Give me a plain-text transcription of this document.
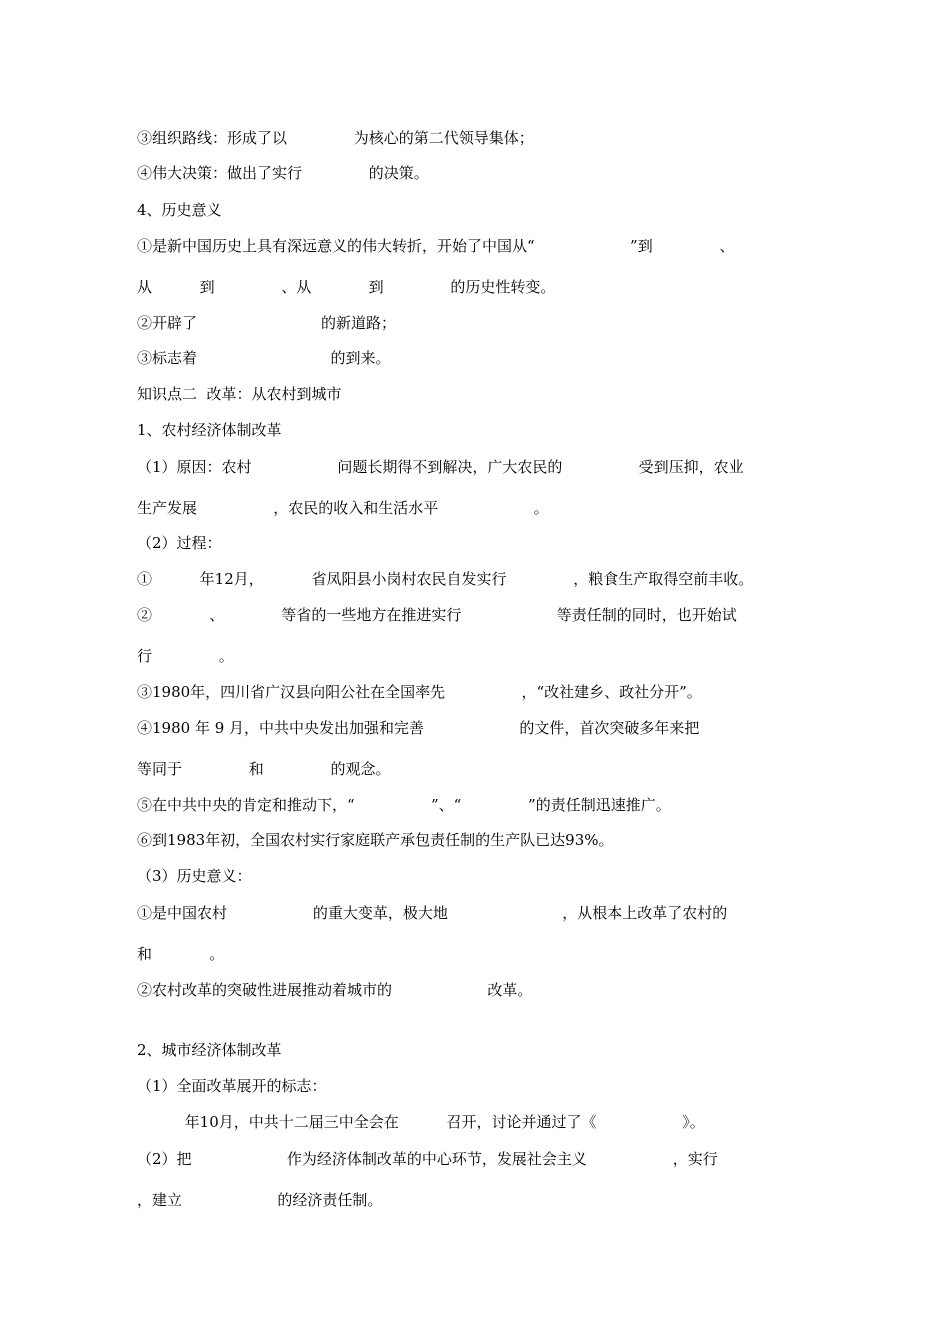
③组织路线：形成了以              为核心的第二代领导集体；
④伟大决策：做出了实行              的决策。
4、历史意义
①是新中国历史上具有深远意义的伟大转折，开始了中国从“                    ”到              、
从          到              、从            到              的历史性转变。
②开辟了                          的新道路；
③标志着                            的到来。
知识点二  改革：从农村到城市
1、农村经济体制改革
（1）原因：农村                  问题长期得不到解决，广大农民的                受到压抑，农业
生产发展                ，农民的收入和生活水平                    。
（2）过程：
①          年12月，          省凤阳县小岗村农民自发实行              ，粮食生产取得空前丰收。
②            、            等省的一些地方在推进实行                    等责任制的同时，也开始试
行              。
③1980年，四川省广汉县向阳公社在全国率先                ，“改社建乡、政社分开”。
④1980 年 9 月，中共中央发出加强和完善                    的文件，首次突破多年来把
等同于              和              的观念。
⑤在中共中央的肯定和推动下，“                ”、“              ”的责任制迅速推广。
⑥到1983年初，全国农村实行家庭联产承包责任制的生产队已达93%。
（3）历史意义：
①是中国农村                  的重大变革，极大地                        ，从根本上改革了农村的
和            。
②农村改革的突破性进展推动着城市的                    改革。
2、城市经济体制改革
（1）全面改革展开的标志：
年10月，中共十二届三中全会在          召开，讨论并通过了《                  》。
（2）把                    作为经济体制改革的中心环节，发展社会主义                  ，实行
，建立                    的经济责任制。
